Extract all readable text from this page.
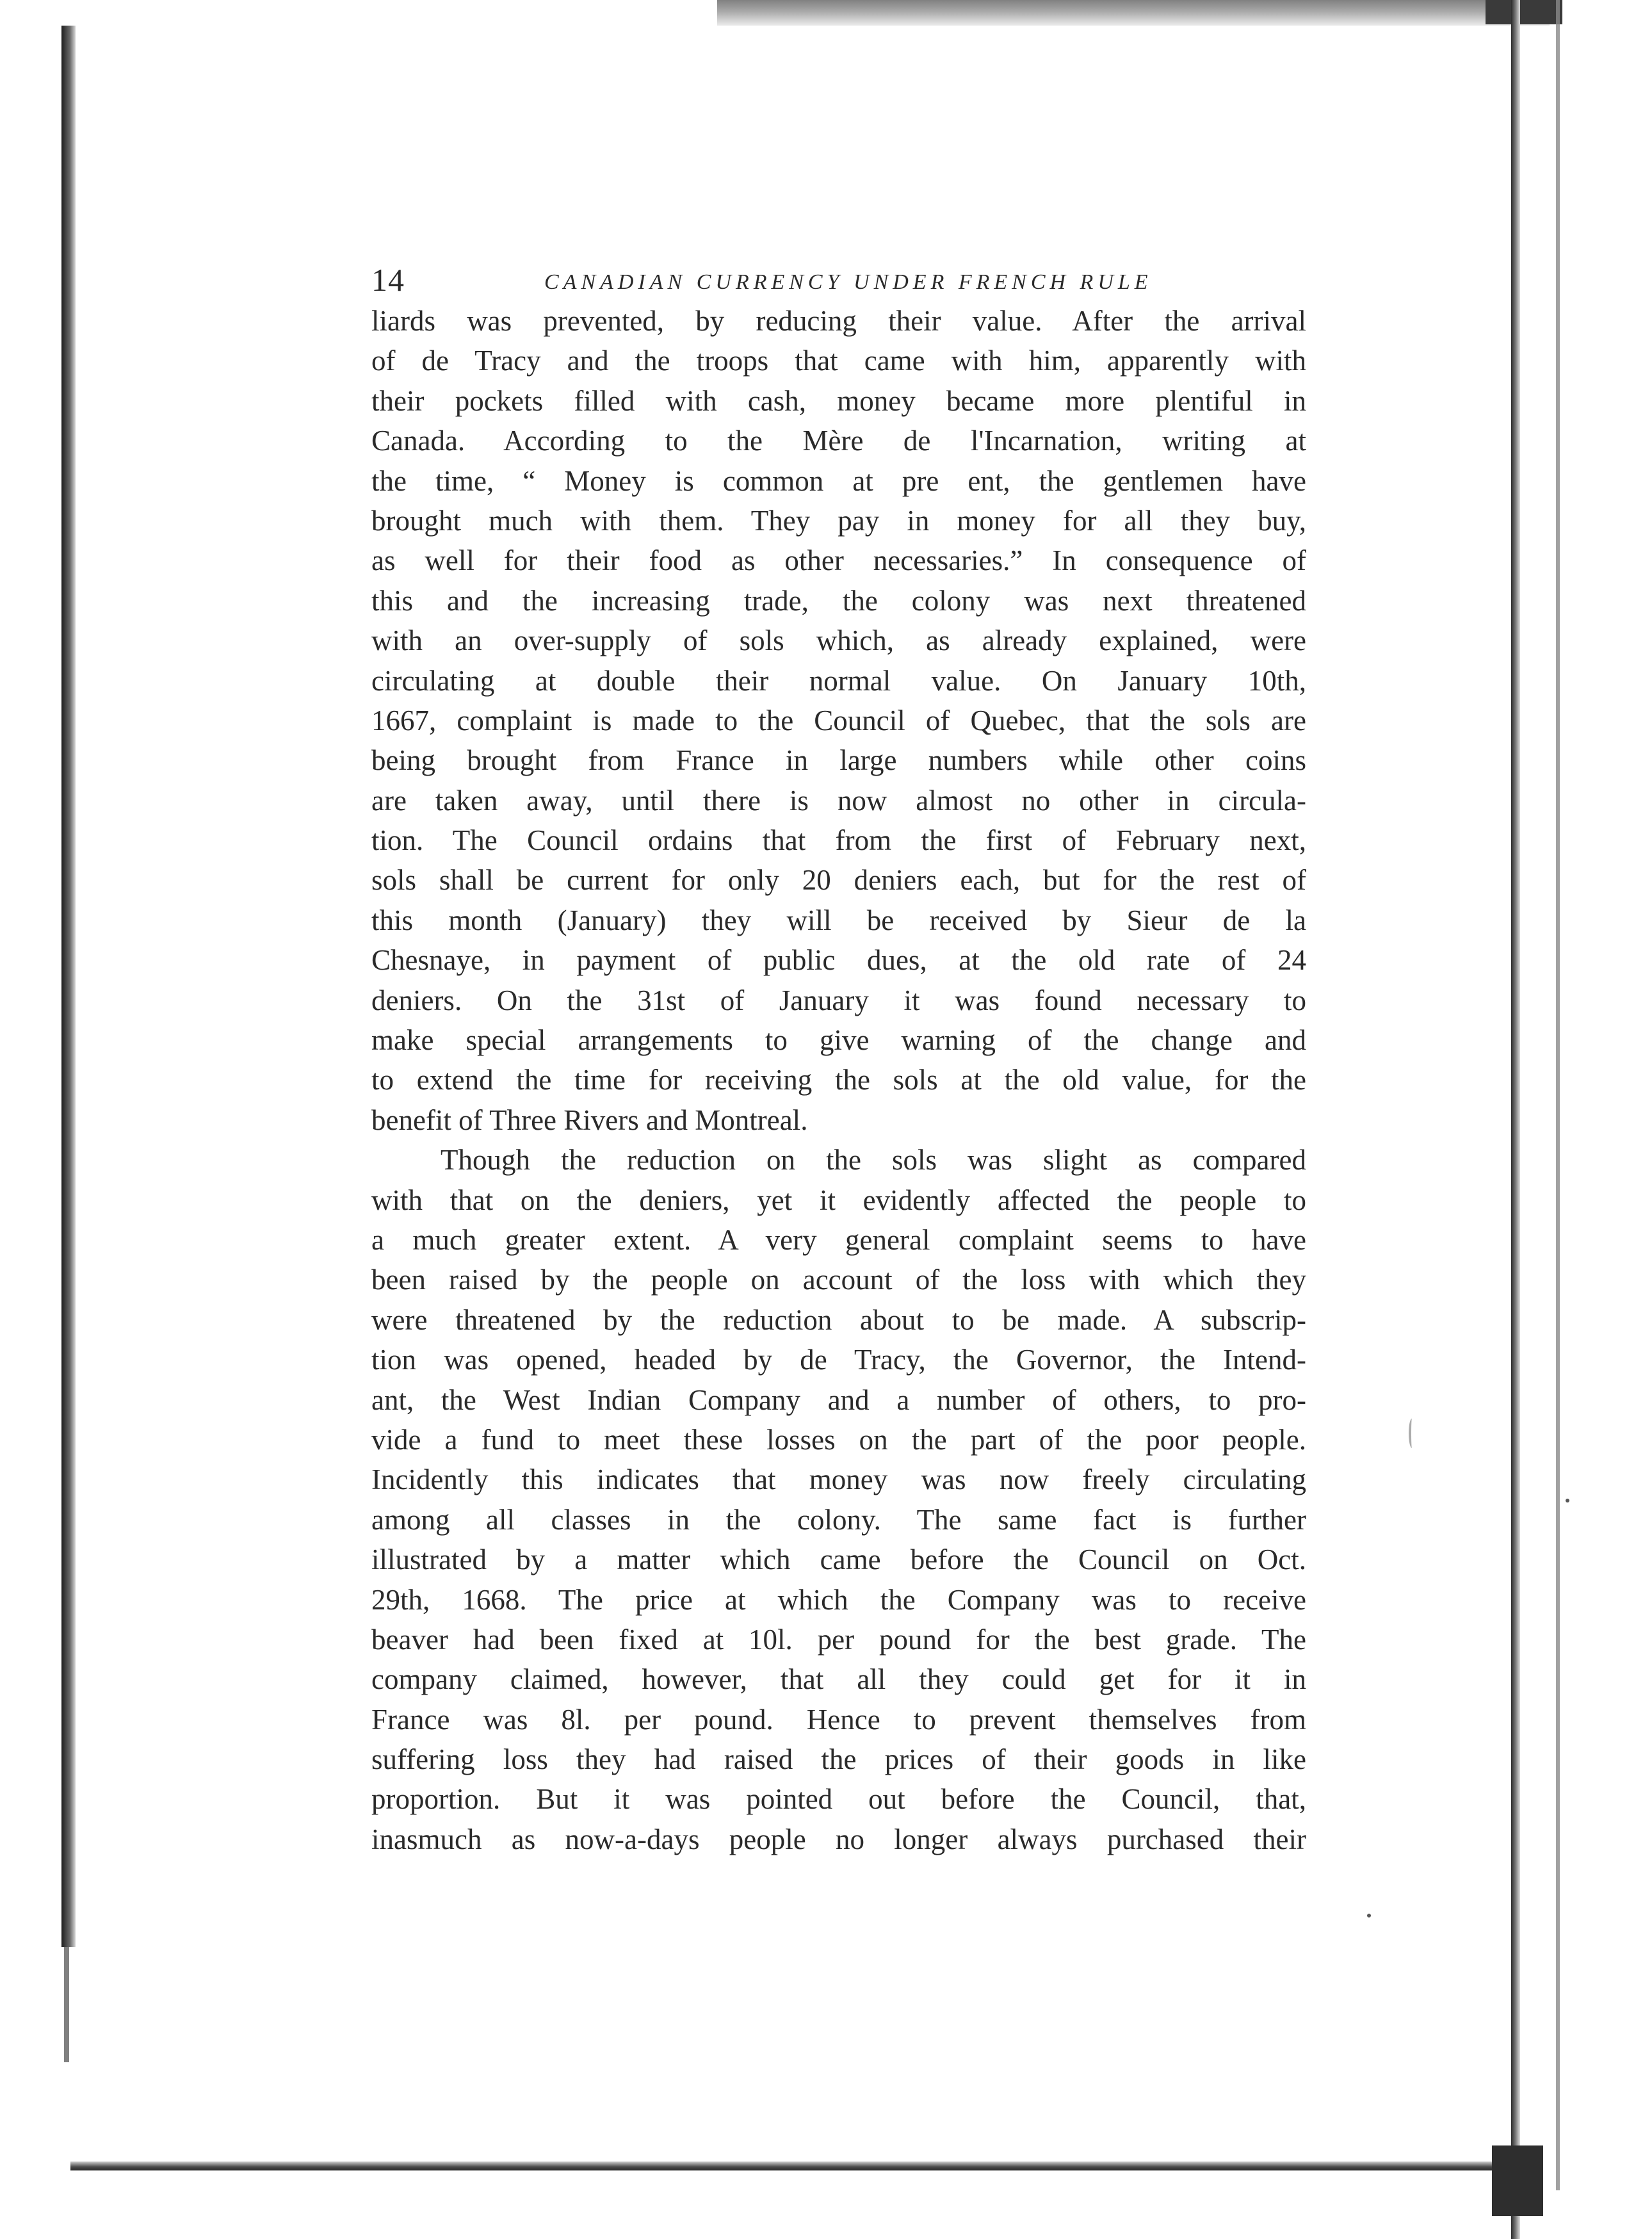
14	CANADIAN CURRENCY UNDER FRENCH RULE
liards was prevented, by reducing their value. After the arrival
of de Tracy and the troops that came with him, apparently with
their pockets filled with cash, money became more plentiful in
Canada. According to the Mère de l'Incarnation, writing at
the time, “ Money is common at pre ent, the gentlemen have
brought much with them. They pay in money for all they buy,
as well for their food as other necessaries.” In consequence of
this and the increasing trade, the colony was next threatened
with an over-supply of sols which, as already explained, were
circulating at double their normal value. On January 10th,
1667, complaint is made to the Council of Quebec, that the sols are
being brought from France in large numbers while other coins
are taken away, until there is now almost no other in circula-
tion. The Council ordains that from the first of February next,
sols shall be current for only 20 deniers each, but for the rest of
this month (January) they will be received by Sieur de la
Chesnaye, in payment of public dues, at the old rate of 24
deniers. On the 31st of January it was found necessary to
make special arrangements to give warning of the change and
to extend the time for receiving the sols at the old value, for the
benefit of Three Rivers and Montreal.
Though the reduction on the sols was slight as compared
with that on the deniers, yet it evidently affected the people to
a much greater extent. A very general complaint seems to have
been raised by the people on account of the loss with which they
were threatened by the reduction about to be made. A subscrip-
tion was opened, headed by de Tracy, the Governor, the Intend-
ant, the West Indian Company and a number of others, to pro-
vide a fund to meet these losses on the part of the poor people.
Incidently this indicates that money was now freely circulating
among all classes in the colony. The same fact is further
illustrated by a matter which came before the Council on Oct.
29th, 1668. The price at which the Company was to receive
beaver had been fixed at 10l. per pound for the best grade. The
company claimed, however, that all they could get for it in
France was 8l. per pound. Hence to prevent themselves from
suffering loss they had raised the prices of their goods in like
proportion. But it was pointed out before the Council, that,
inasmuch as now-a-days people no longer always purchased their
